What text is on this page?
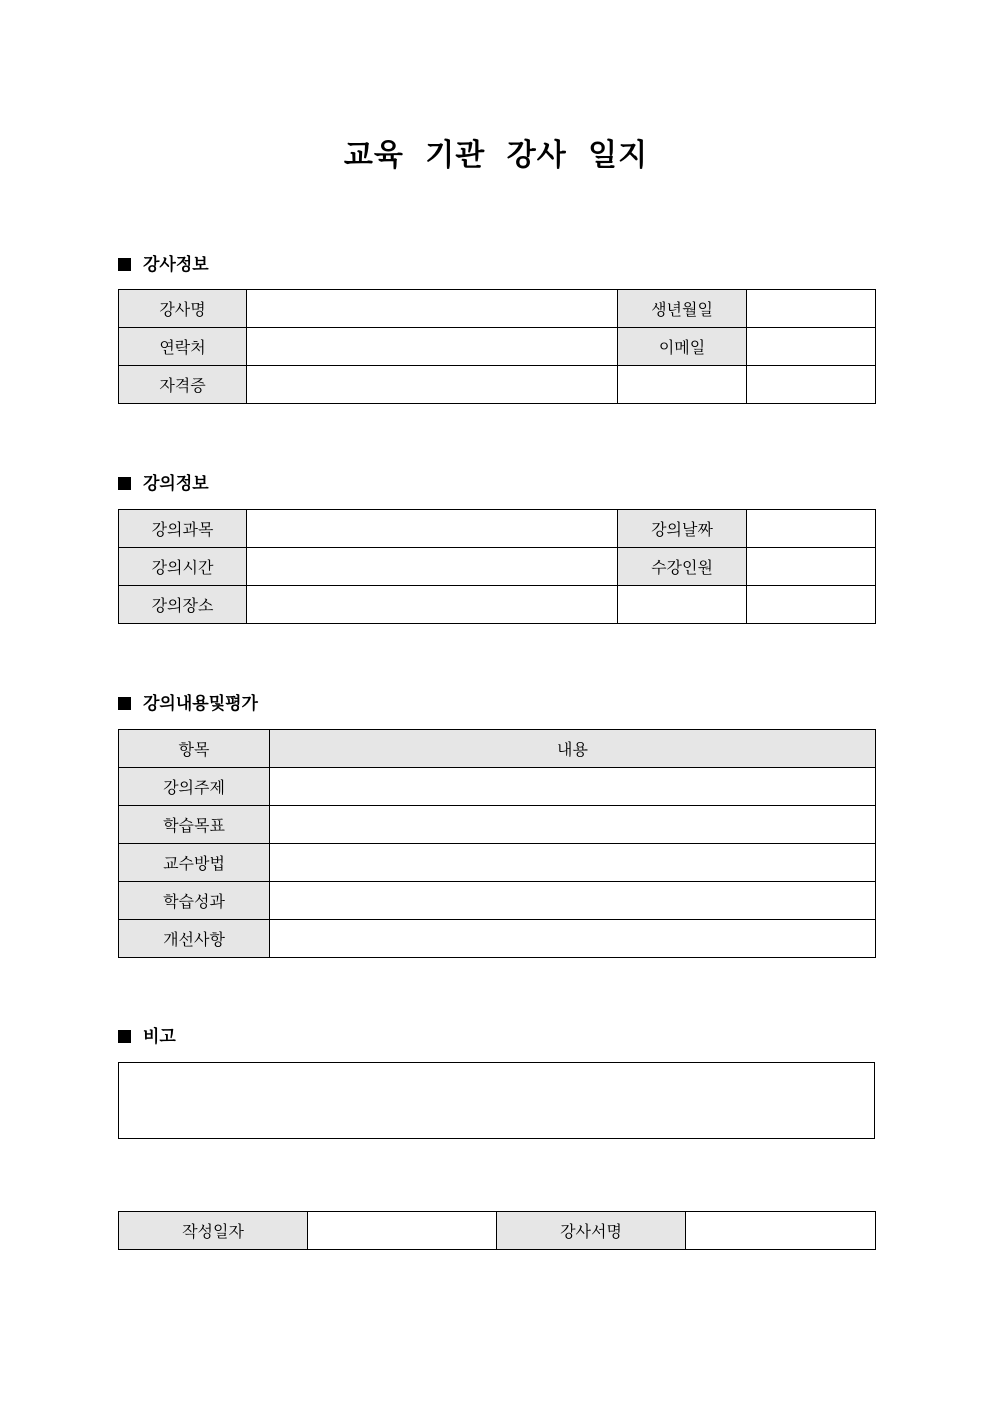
교육 기관 강사 일지
강사정보
강사명		생년월일	
연락처		이메일	
자격증			
강의정보
강의과목		강의날짜	
강의시간		수강인원	
강의장소			
강의내용및평가
항목	내용
강의주제	
학습목표	
교수방법	
학습성과	
개선사항	
비고
작성일자		강사서명	
